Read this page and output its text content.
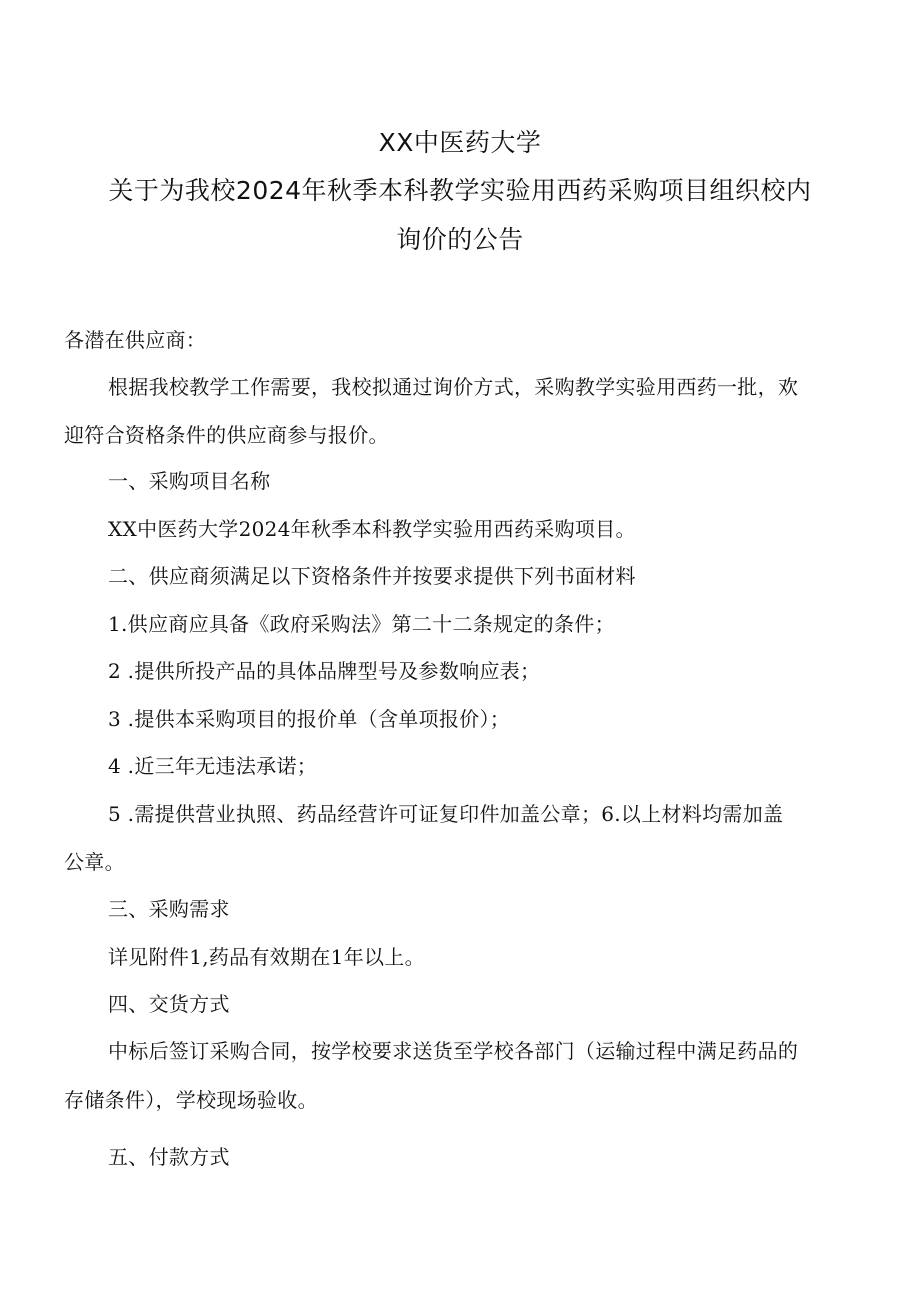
XX中医药大学
关于为我校2024年秋季本科教学实验用西药采购项目组织校内
询价的公告
各潜在供应商：
根据我校教学工作需要，我校拟通过询价方式，采购教学实验用西药一批，欢
迎符合资格条件的供应商参与报价。
一、采购项目名称
XX中医药大学2024年秋季本科教学实验用西药采购项目。
二、供应商须满足以下资格条件并按要求提供下列书面材料
1.供应商应具备《政府采购法》第二十二条规定的条件；
2 .提供所投产品的具体品牌型号及参数响应表；
3 .提供本采购项目的报价单（含单项报价）；
4 .近三年无违法承诺；
5 .需提供营业执照、药品经营许可证复印件加盖公章；6.以上材料均需加盖
公章。
三、采购需求
详见附件1,药品有效期在1年以上。
四、交货方式
中标后签订采购合同，按学校要求送货至学校各部门（运输过程中满足药品的
存储条件），学校现场验收。
五、付款方式
